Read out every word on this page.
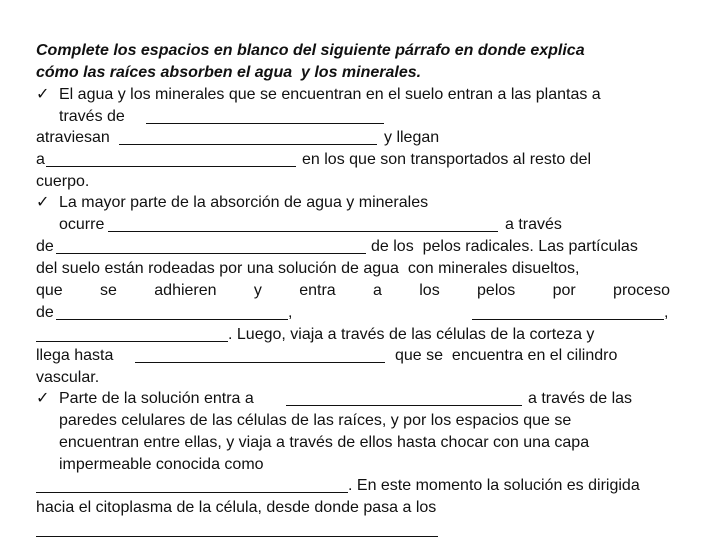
Complete los espacios en blanco del siguiente párrafo en donde explica
cómo las raíces absorben el agua  y los minerales.
✓ El agua y los minerales que se encuentran en el suelo entran a las plantas a
través de
atraviesan	y llegan
a	en los que son transportados al resto del
cuerpo.
✓ La mayor parte de la absorción de agua y minerales
ocurre	a través
de	de los  pelos radicales. Las partículas
del suelo están rodeadas por una solución de agua  con minerales disueltos,
que se adhieren y entra a los pelos por proceso
de	,	,
. Luego, viaja a través de las células de la corteza y
llega hasta	que se  encuentra en el cilindro
vascular.
✓ Parte de la solución entra a	a través de las
paredes celulares de las células de las raíces, y por los espacios que se
encuentran entre ellas, y viaja a través de ellos hasta chocar con una capa
impermeable conocida como
. En este momento la solución es dirigida
hacia el citoplasma de la célula, desde donde pasa a los
